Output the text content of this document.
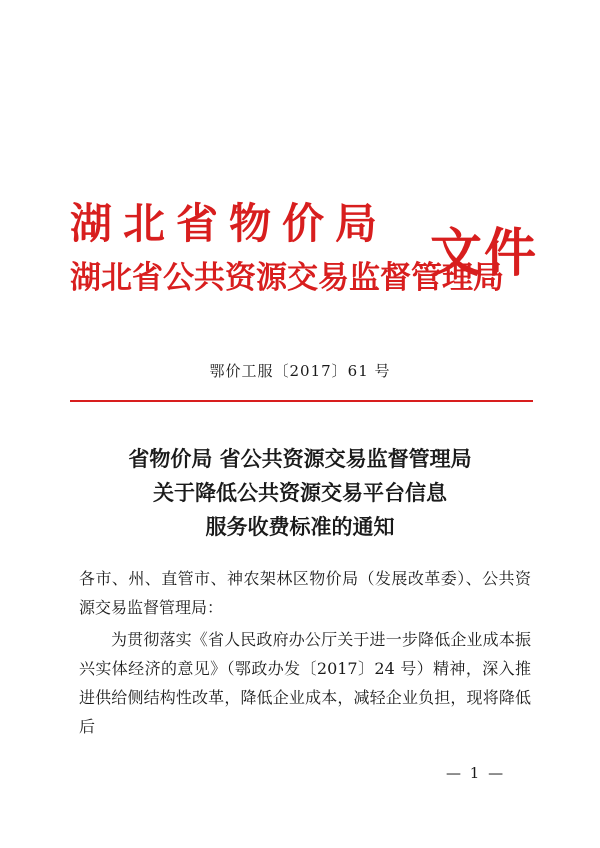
湖北省物价局
湖北省公共资源交易监督管理局
文件
鄂价工服〔2017〕61 号
省物价局 省公共资源交易监督管理局
关于降低公共资源交易平台信息
服务收费标准的通知

各市、州、直管市、神农架林区物价局（发展改革委）、公共资源交易监督管理局：

为贯彻落实《省人民政府办公厅关于进一步降低企业成本振兴实体经济的意见》（鄂政办发〔2017〕24 号）精神，深入推进供给侧结构性改革，降低企业成本，减轻企业负担，现将降低后

— 1 —
